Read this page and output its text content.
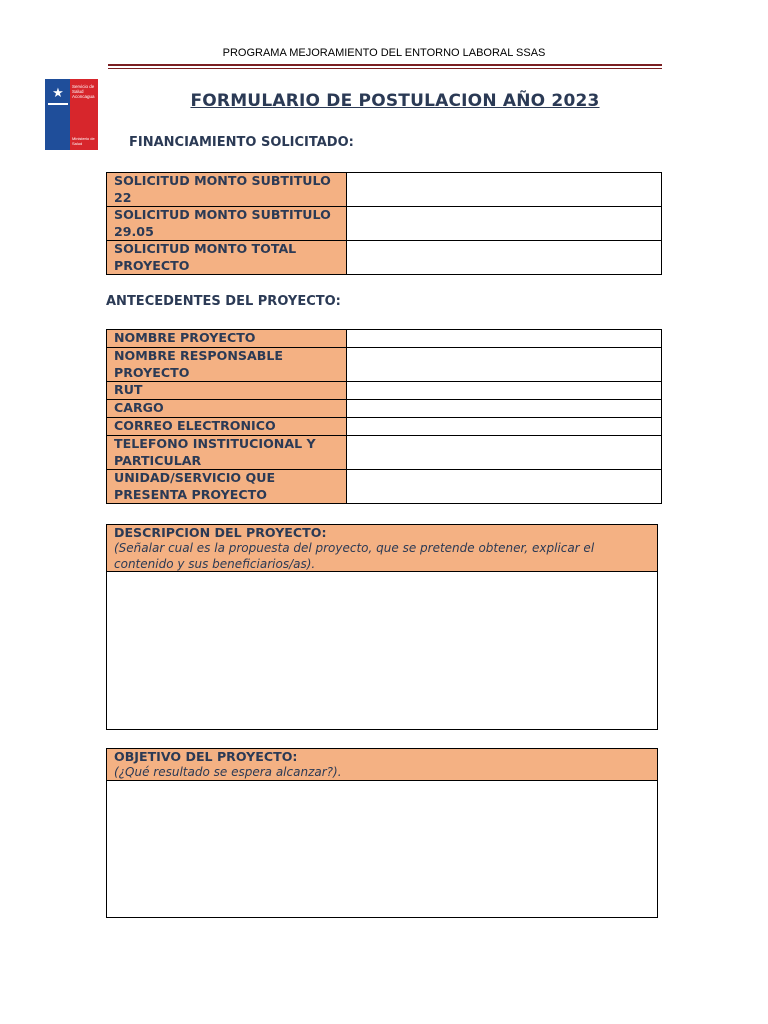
PROGRAMA MEJORAMIENTO DEL ENTORNO LABORAL SSAS
★ Servicio de Salud Aconcagua
Ministerio de Salud
FORMULARIO DE POSTULACION AÑO 2023
FINANCIAMIENTO SOLICITADO:
SOLICITUD MONTO SUBTITULO 22	
SOLICITUD MONTO SUBTITULO 29.05	
SOLICITUD MONTO TOTAL PROYECTO	
ANTECEDENTES DEL PROYECTO:
NOMBRE PROYECTO	
NOMBRE RESPONSABLE PROYECTO	
RUT	
CARGO	
CORREO ELECTRONICO	
TELEFONO INSTITUCIONAL Y PARTICULAR	
UNIDAD/SERVICIO QUE PRESENTA PROYECTO	
DESCRIPCION DEL PROYECTO:
(Señalar cual es la propuesta del proyecto, que se pretende obtener, explicar el contenido y sus beneficiarios/as).
OBJETIVO DEL PROYECTO:
(¿Qué resultado se espera alcanzar?).
